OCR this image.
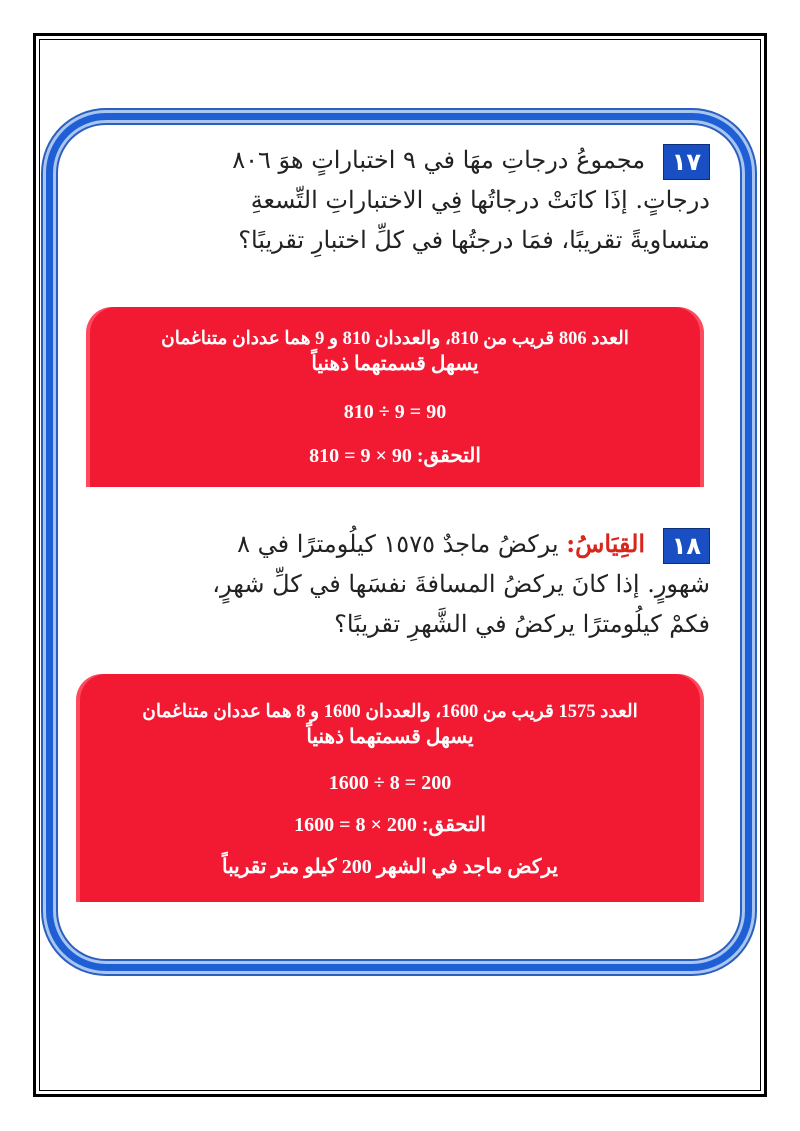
١٧ مجموعُ درجاتِ مهَا في ٩ اختباراتٍ هوَ ٨٠٦ درجاتٍ. إذَا كانَتْ درجاتُها فِي الاختباراتِ التِّسعةِ متساويةً تقريبًا، فمَا درجتُها في كلِّ اختبارِ تقريبًا؟
العدد 806 قريب من 810، والعددان 810 و 9 هما عددان متناغمان
يسهل قسمتهما ذهنياً
90 = 9 ÷ 810
التحقق: 90 × 9 = 810
١٨ القِيَاسُ: يركضُ ماجدٌ ١٥٧٥ كيلُومترًا في ٨ شهورٍ. إذا كانَ يركضُ المسافةَ نفسَها في كلِّ شهرٍ، فكمْ كيلُومترًا يركضُ في الشَّهرِ تقريبًا؟
العدد 1575 قريب من 1600، والعددان 1600 و 8 هما عددان متناغمان
يسهل قسمتهما ذهنياً
200 = 8 ÷ 1600
التحقق: 200 × 8 = 1600
يركض ماجد في الشهر 200 كيلو متر تقريباً
